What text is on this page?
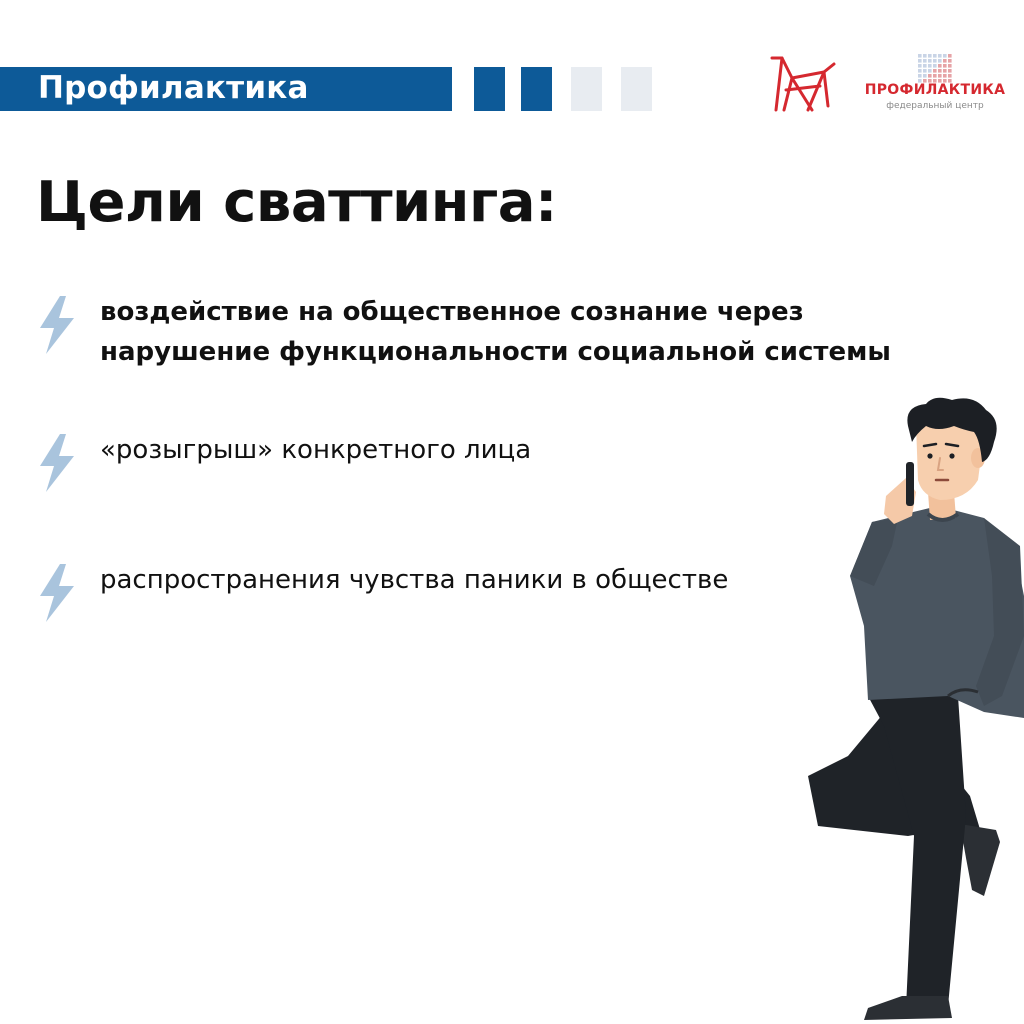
Профилактика	ПРОФИЛАКТИКА
федеральный центр
Цели сваттинга:
воздействие на общественное сознание через
нарушение функциональности социальной системы
«розыгрыш» конкретного лица
распространения чувства паники в обществе
